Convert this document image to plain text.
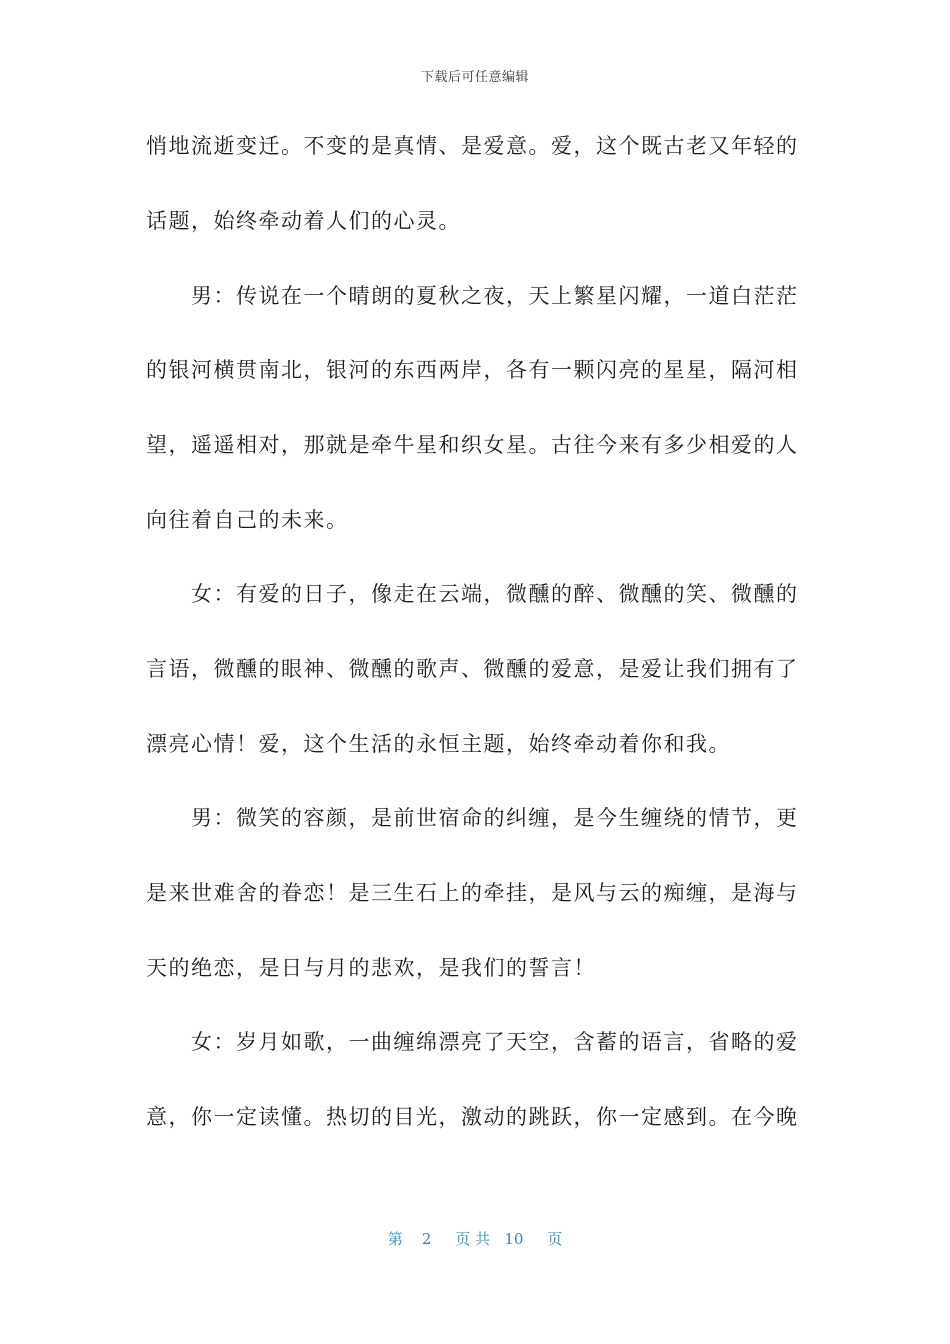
下载后可任意编辑
悄地流逝变迁。不变的是真情、是爱意。爱，这个既古老又年轻的
话题，始终牵动着人们的心灵。
　　男：传说在一个晴朗的夏秋之夜，天上繁星闪耀，一道白茫茫
的银河横贯南北，银河的东西两岸，各有一颗闪亮的星星，隔河相
望，遥遥相对，那就是牵牛星和织女星。古往今来有多少相爱的人
向往着自己的未来。
　　女：有爱的日子，像走在云端，微醺的醉、微醺的笑、微醺的
言语，微醺的眼神、微醺的歌声、微醺的爱意，是爱让我们拥有了
漂亮心情！爱，这个生活的永恒主题，始终牵动着你和我。
　　男：微笑的容颜，是前世宿命的纠缠，是今生缠绕的情节，更
是来世难舍的眷恋！是三生石上的牵挂，是风与云的痴缠，是海与
天的绝恋，是日与月的悲欢，是我们的誓言！
　　女：岁月如歌，一曲缠绵漂亮了天空，含蓄的语言，省略的爱
意，你一定读懂。热切的目光，激动的跳跃，你一定感到。在今晚
第 2 页 共 10 页
